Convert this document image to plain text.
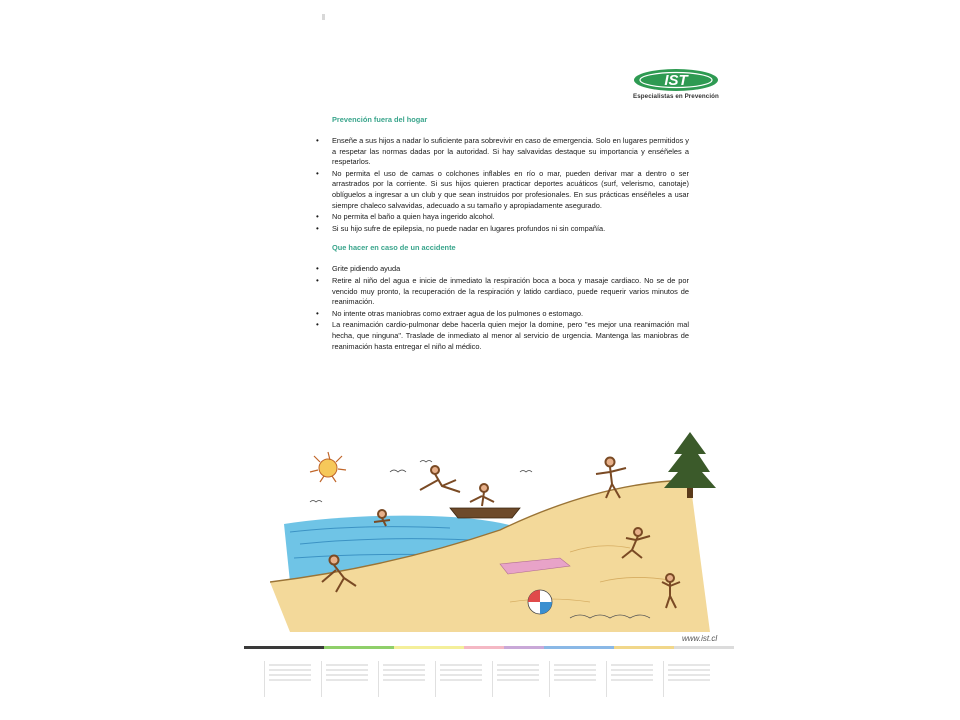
IST
Especialistas en Prevención
Prevención fuera del hogar
• Enseñe a sus hijos a nadar lo suficiente para sobrevivir en caso de emergencia. Solo en lugares permitidos y a respetar las normas dadas por la autoridad. Si hay salvavidas destaque su importancia y enséñeles a respetarlos.
• No permita el uso de camas o colchones inflables en río o mar, pueden derivar mar a dentro o ser arrastrados por la corriente. Si sus hijos quieren practicar deportes acuáticos (surf, velerismo, canotaje) oblíguelos a ingresar a un club y que sean instruidos por profesionales. En sus prácticas enséñeles a usar siempre chaleco salvavidas, adecuado a su tamaño y apropiadamente asegurado.
• No permita el baño a quien haya ingerido alcohol.
• Si su hijo sufre de epilepsia, no puede nadar en lugares profundos ni sin compañía.
Que hacer en caso de un accidente
• Grite pidiendo ayuda
• Retire al niño del agua e inicie de inmediato la respiración boca a boca y masaje cardiaco. No se de por vencido muy pronto, la recuperación de la respiración y latido cardiaco, puede requerir varios minutos de reanimación.
• No intente otras maniobras como extraer agua de los pulmones o estomago.
• La reanimación cardio-pulmonar debe hacerla quien mejor la domine, pero "es mejor una reanimación mal hecha, que ninguna". Traslade de inmediato al menor al servicio de urgencia. Mantenga las maniobras de reanimación hasta entregar el niño al médico.
www.ist.cl
